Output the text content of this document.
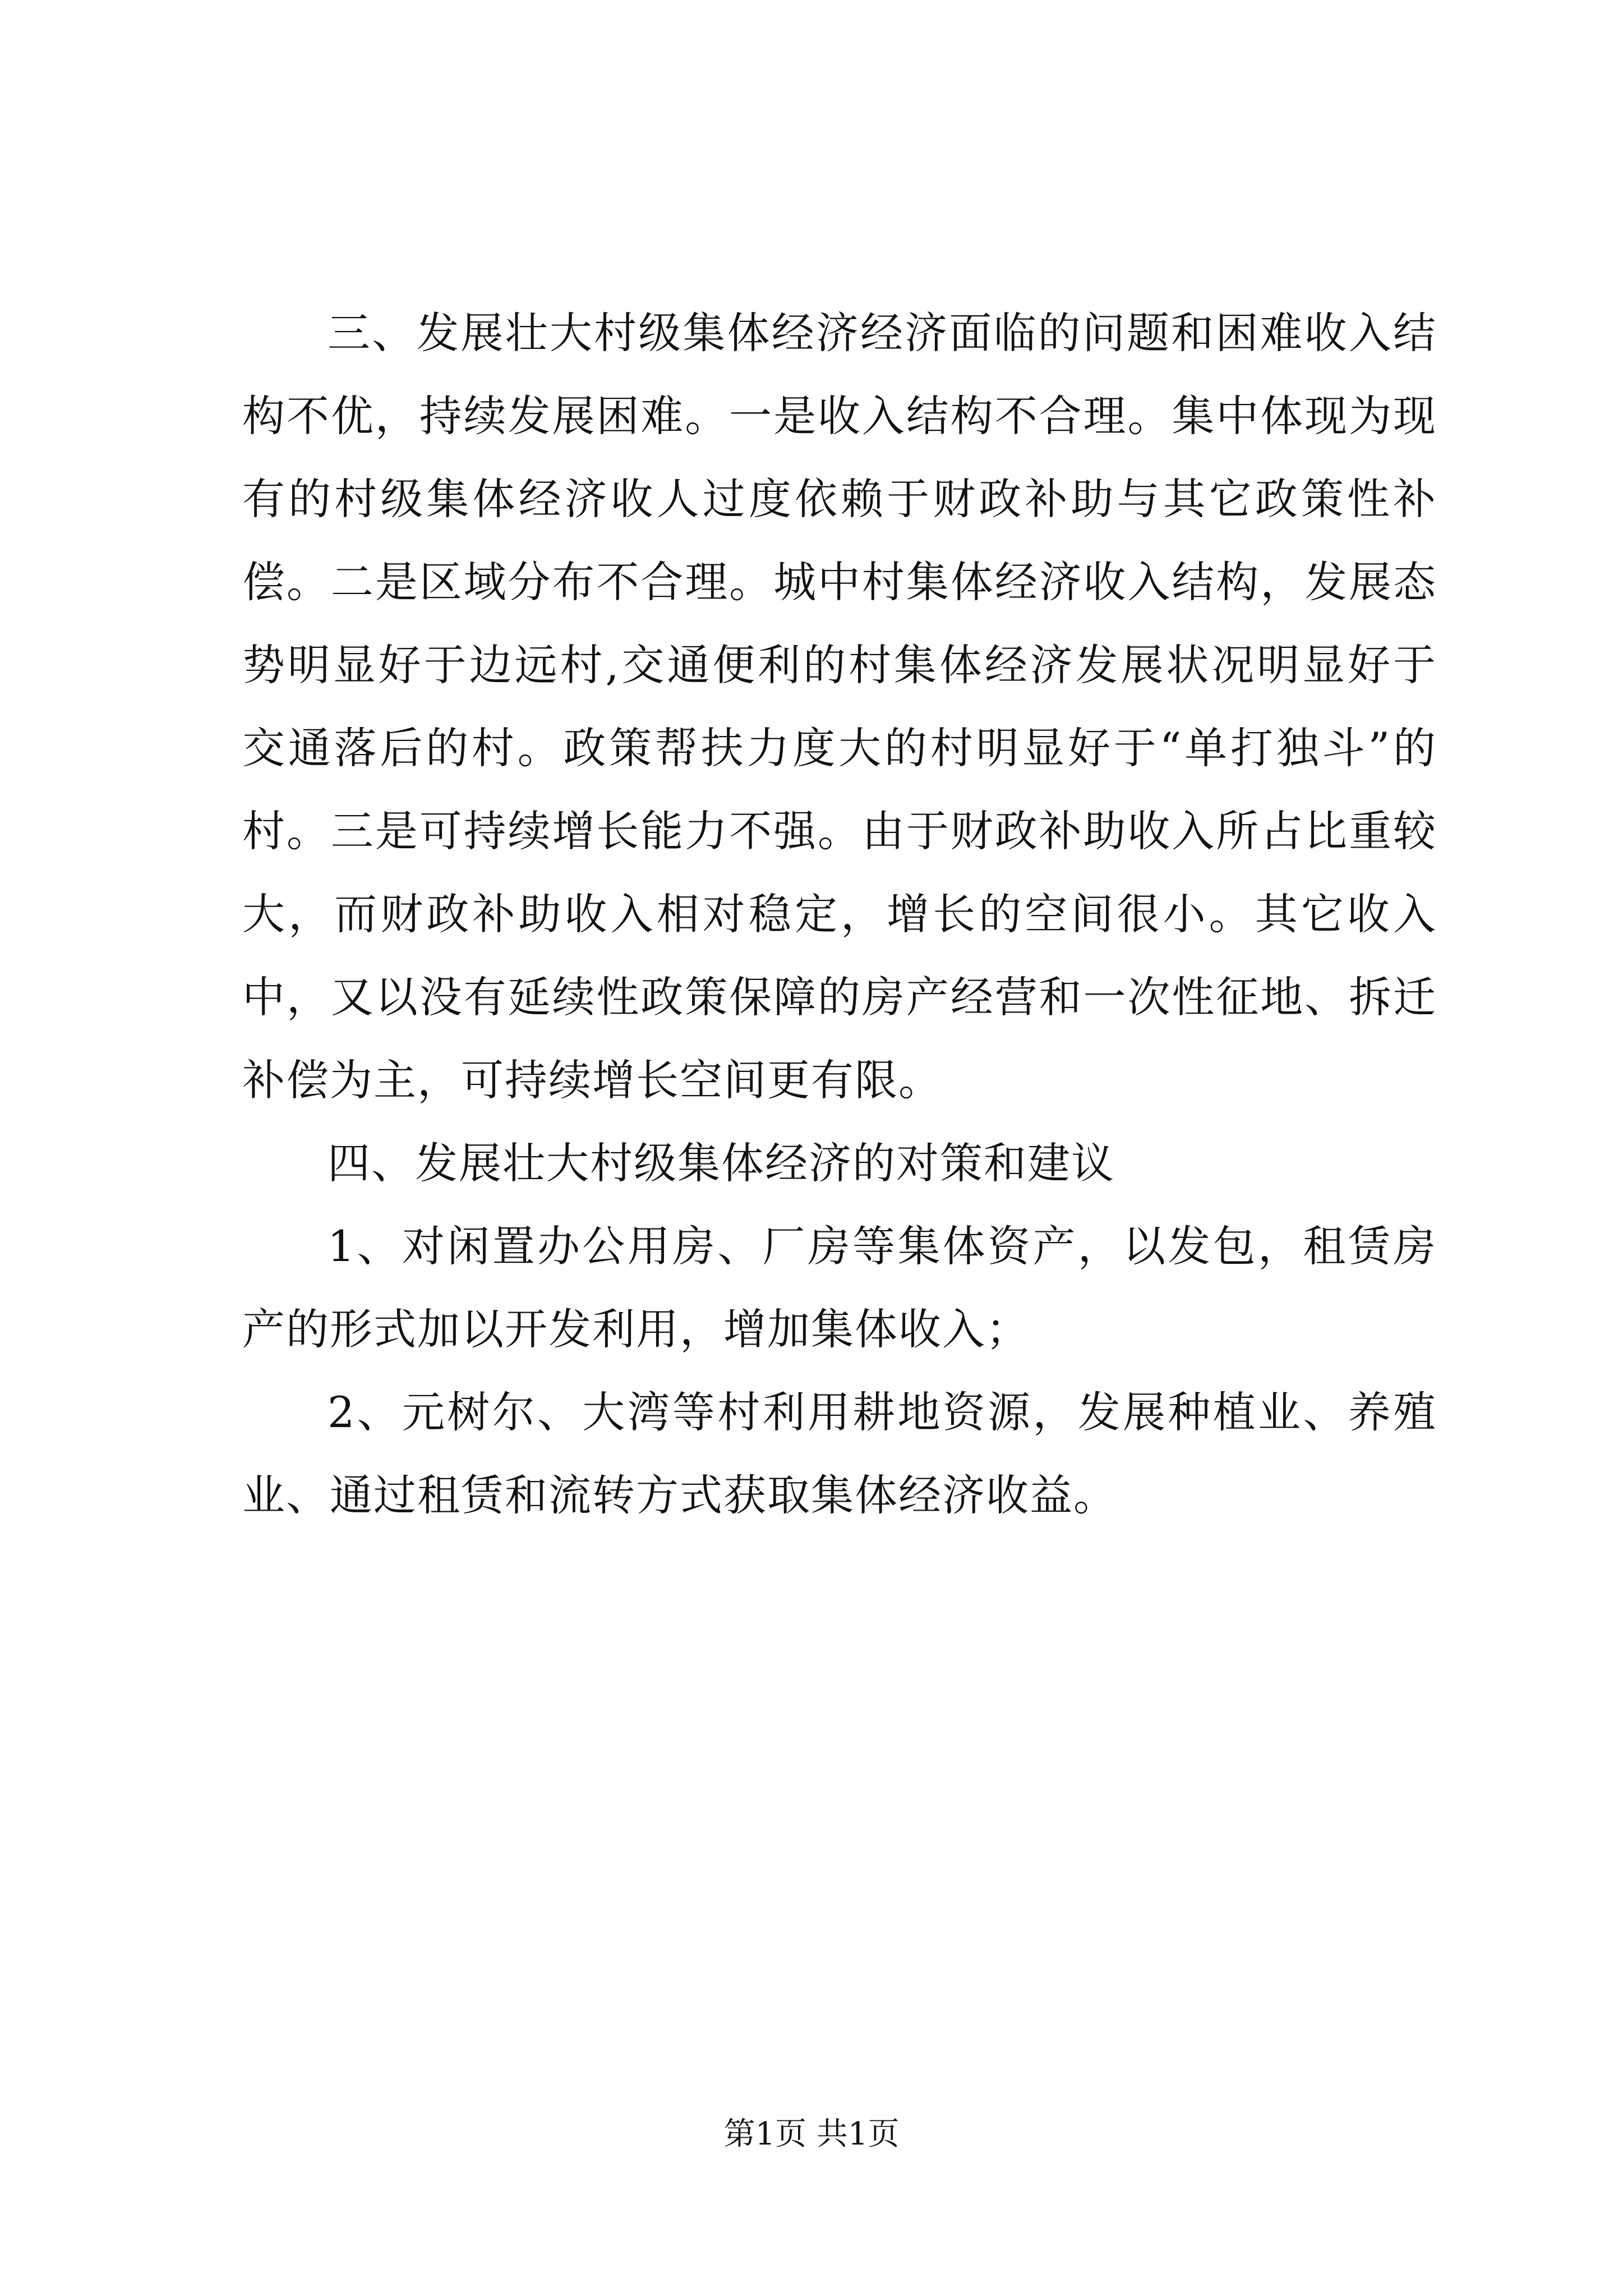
三、发展壮大村级集体经济经济面临的问题和困难收入结构不优，持续发展困难。一是收入结构不合理。集中体现为现有的村级集体经济收人过度依赖于财政补助与其它政策性补偿。二是区域分布不合理。城中村集体经济收入结构，发展态势明显好于边远村,交通便利的村集体经济发展状况明显好于交通落后的村。政策帮扶力度大的村明显好于“单打独斗”的村。三是可持续增长能力不强。由于财政补助收入所占比重较大，而财政补助收入相对稳定，增长的空间很小。其它收入中，又以没有延续性政策保障的房产经营和一次性征地、拆迁补偿为主，可持续增长空间更有限。

四、发展壮大村级集体经济的对策和建议

1、对闲置办公用房、厂房等集体资产，以发包，租赁房产的形式加以开发利用，增加集体收入；

2、元树尔、大湾等村利用耕地资源，发展种植业、养殖业、通过租赁和流转方式获取集体经济收益。

第1页 共1页
